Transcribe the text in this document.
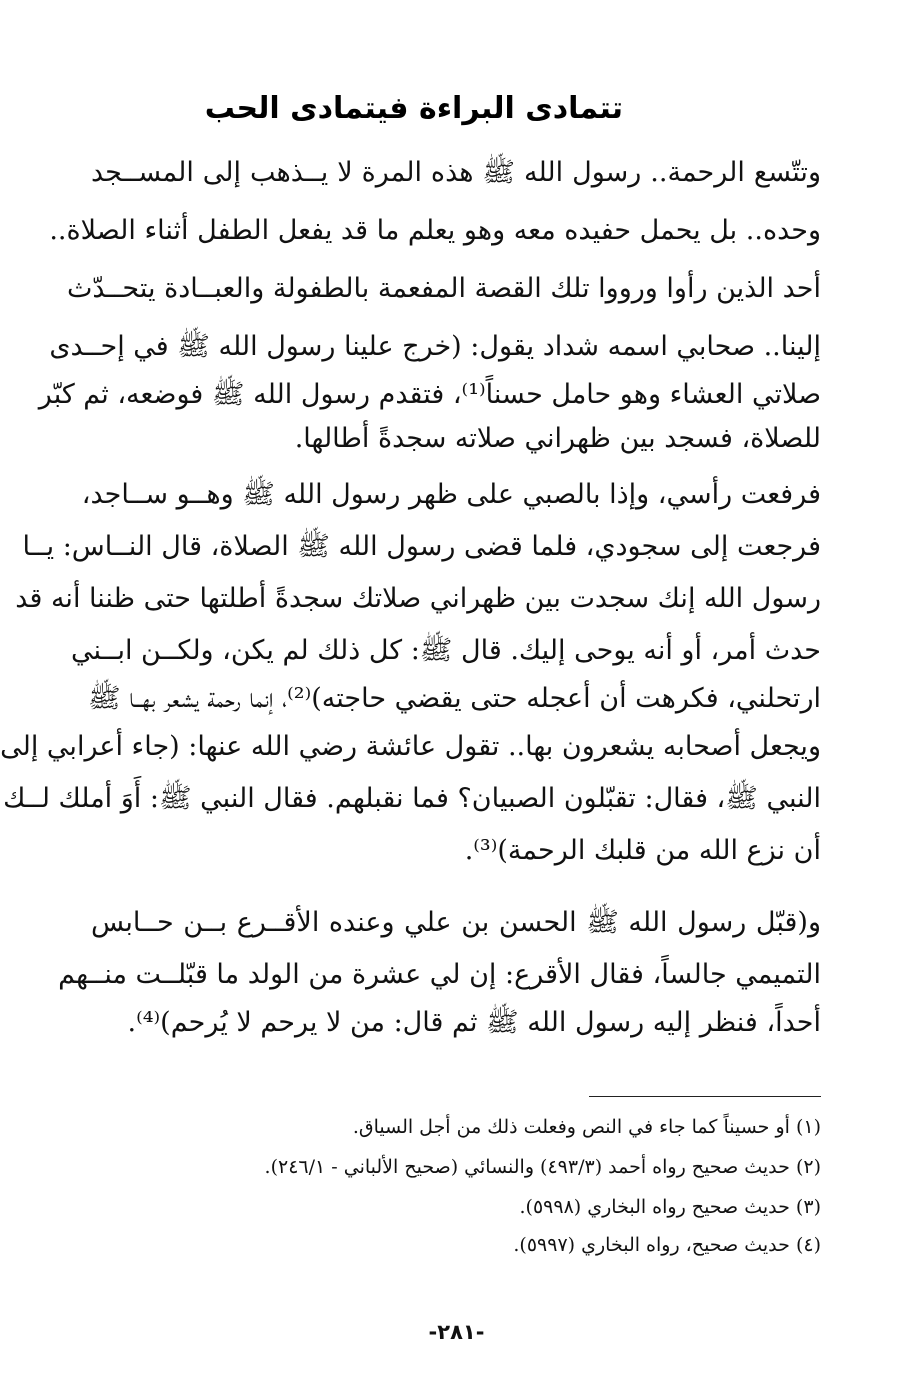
تتمادى البراءة فيتمادى الحب
وتتّسع الرحمة.. رسول الله ﷺ هذه المرة لا يــذهب إلى المســجد
وحده.. بل يحمل حفيده معه وهو يعلم ما قد يفعل الطفل أثناء الصلاة..
أحد الذين رأوا ورووا تلك القصة المفعمة بالطفولة والعبــادة يتحــدّث
إلينا.. صحابي اسمه شداد يقول: (خرج علينا رسول الله ﷺ في إحــدى
صلاتي العشاء وهو حامل حسناً⁽¹⁾، فتقدم رسول الله ﷺ فوضعه، ثم كبّر
للصلاة، فسجد بين ظهراني صلاته سجدةً أطالها.
فرفعت رأسي، وإذا بالصبي على ظهر رسول الله ﷺ وهــو ســاجد،
فرجعت إلى سجودي، فلما قضى رسول الله ﷺ الصلاة، قال النــاس: يــا
رسول الله إنك سجدت بين ظهراني صلاتك سجدةً أطلتها حتى ظننا أنه قد
حدث أمر، أو أنه يوحى إليك. قال ﷺ: كل ذلك لم يكن، ولكــن ابــني
ارتحلني، فكرهت أن أعجله حتى يقضي حاجته)⁽²⁾، إنما رحمة يشعر بهــا ﷺ
ويجعل أصحابه يشعرون بها.. تقول عائشة رضي الله عنها: (جاء أعرابي إلى
النبي ﷺ، فقال: تقبّلون الصبيان؟ فما نقبلهم. فقال النبي ﷺ: أَوَ أملك لــك
أن نزع الله من قلبك الرحمة)⁽³⁾.
و(قبّل رسول الله ﷺ الحسن بن علي وعنده الأقــرع بــن حــابس
التميمي جالساً، فقال الأقرع: إن لي عشرة من الولد ما قبّلــت منــهم
أحداً، فنظر إليه رسول الله ﷺ ثم قال: من لا يرحم لا يُرحم)⁽⁴⁾.
(١) أو حسيناً كما جاء في النص وفعلت ذلك من أجل السياق.
(٢) حديث صحيح رواه أحمد (٤٩٣/٣) والنسائي (صحيح الألباني - ٢٤٦/١).
(٣) حديث صحيح رواه البخاري (٥٩٩٨).
(٤) حديث صحيح، رواه البخاري (٥٩٩٧).
-٢٨١-
